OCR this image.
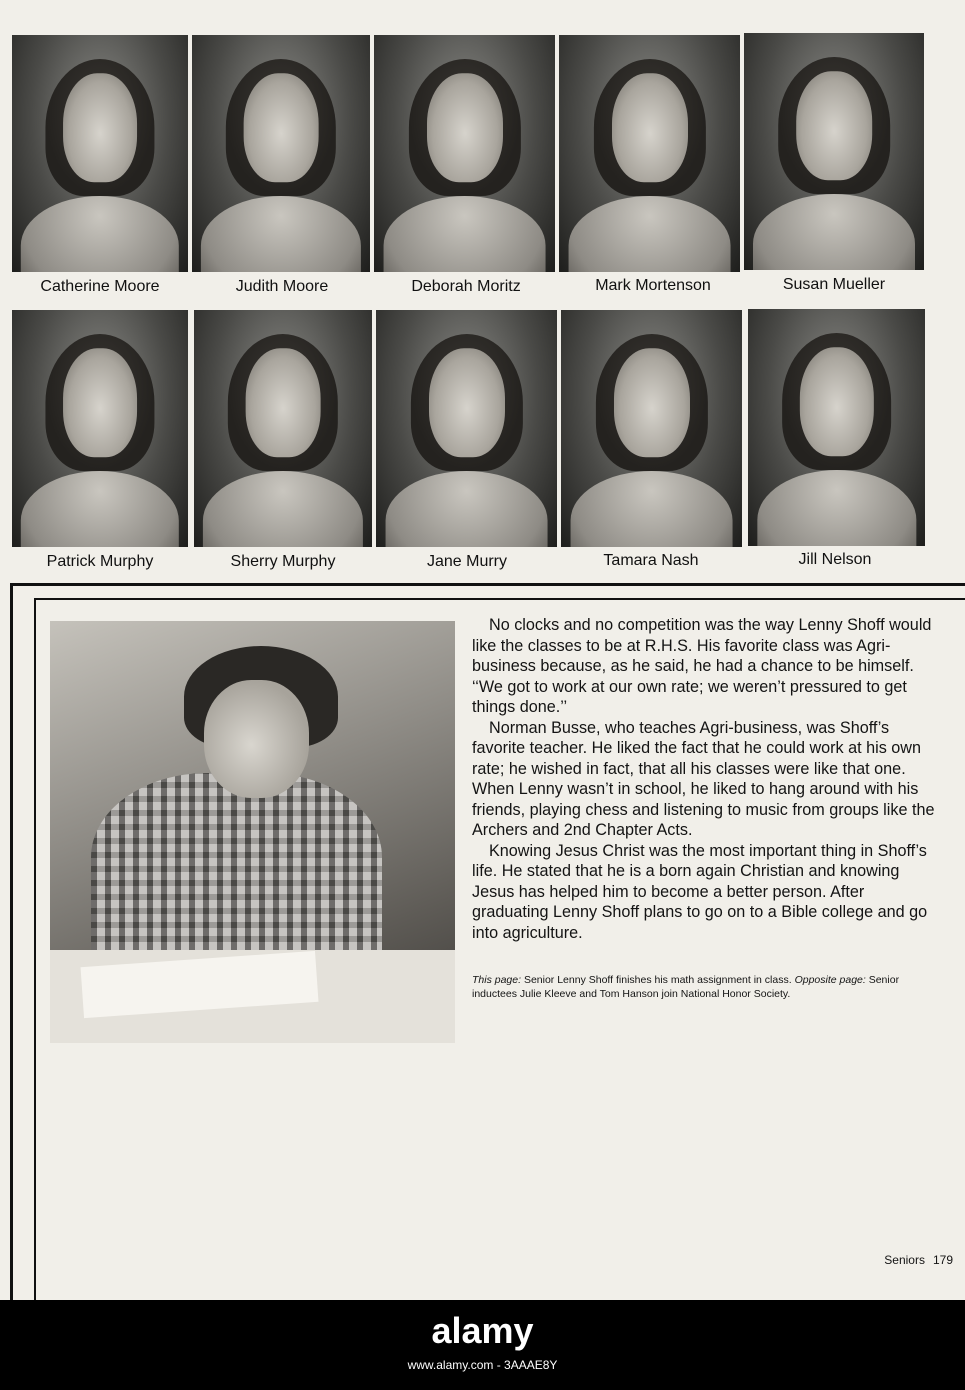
Catherine Moore	Judith Moore	Deborah Moritz	Mark Mortenson	Susan Mueller
Patrick Murphy	Sherry Murphy	Jane Murry	Tamara Nash	Jill Nelson

No clocks and no competition was the way Lenny Shoff would like the classes to be at R.H.S. His favorite class was Agri-business because, as he said, he had a chance to be himself. ‘‘We got to work at our own rate; we weren’t pressured to get things done.’’

Norman Busse, who teaches Agri-business, was Shoff’s favorite teacher. He liked the fact that he could work at his own rate; he wished in fact, that all his classes were like that one. When Lenny wasn’t in school, he liked to hang around with his friends, playing chess and listening to music from groups like the Archers and 2nd Chapter Acts.

Knowing Jesus Christ was the most important thing in Shoff’s life. He stated that he is a born again Christian and knowing Jesus has helped him to become a better person. After graduating Lenny Shoff plans to go on to a Bible college and go into agriculture.

This page: Senior Lenny Shoff finishes his math assignment in class. Opposite page: Senior inductees Julie Kleeve and Tom Hanson join National Honor Society.
Seniors 179
alamy
www.alamy.com - 3AAAE8Y
